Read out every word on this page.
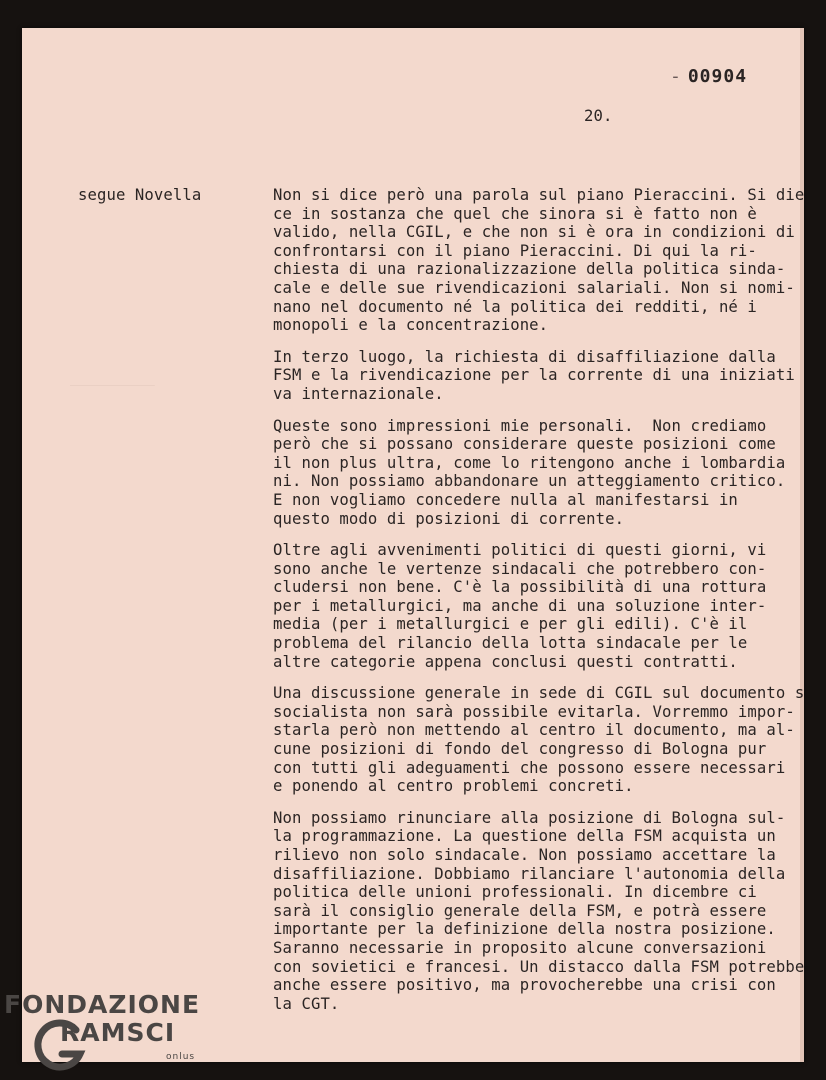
- 00904
20.
segue Novella
	Non si dice però una parola sul piano Pieraccini. Si die
ce in sostanza che quel che sinora si è fatto non è
valido, nella CGIL, e che non si è ora in condizioni di
confrontarsi con il piano Pieraccini. Di qui la ri-
chiesta di una razionalizzazione della politica sinda-
cale e delle sue rivendicazioni salariali. Non si nomi-
nano nel documento né la politica dei redditi, né i
monopoli e la concentrazione.
In terzo luogo, la richiesta di disaffiliazione dalla
FSM e la rivendicazione per la corrente di una iniziati
va internazionale.
Queste sono impressioni mie personali.  Non crediamo
però che si possano considerare queste posizioni come
il non plus ultra, come lo ritengono anche i lombardia
ni. Non possiamo abbandonare un atteggiamento critico.
E non vogliamo concedere nulla al manifestarsi in
questo modo di posizioni di corrente.
Oltre agli avvenimenti politici di questi giorni, vi
sono anche le vertenze sindacali che potrebbero con-
cludersi non bene. C'è la possibilità di una rottura
per i metallurgici, ma anche di una soluzione inter-
media (per i metallurgici e per gli edili). C'è il
problema del rilancio della lotta sindacale per le
altre categorie appena conclusi questi contratti.
Una discussione generale in sede di CGIL sul documento s
socialista non sarà possibile evitarla. Vorremmo impor-
starla però non mettendo al centro il documento, ma al-
cune posizioni di fondo del congresso di Bologna pur
con tutti gli adeguamenti che possono essere necessari
e ponendo al centro problemi concreti.
Non possiamo rinunciare alla posizione di Bologna sul-
la programmazione. La questione della FSM acquista un
rilievo non solo sindacale. Non possiamo accettare la
disaffiliazione. Dobbiamo rilanciare l'autonomia della
politica delle unioni professionali. In dicembre ci
sarà il consiglio generale della FSM, e potrà essere
importante per la definizione della nostra posizione.
Saranno necessarie in proposito alcune conversazioni
con sovietici e francesi. Un distacco dalla FSM potrebbe
anche essere positivo, ma provocherebbe una crisi con
la CGT.
FONDAZIONE
RAMSCI
onlus
